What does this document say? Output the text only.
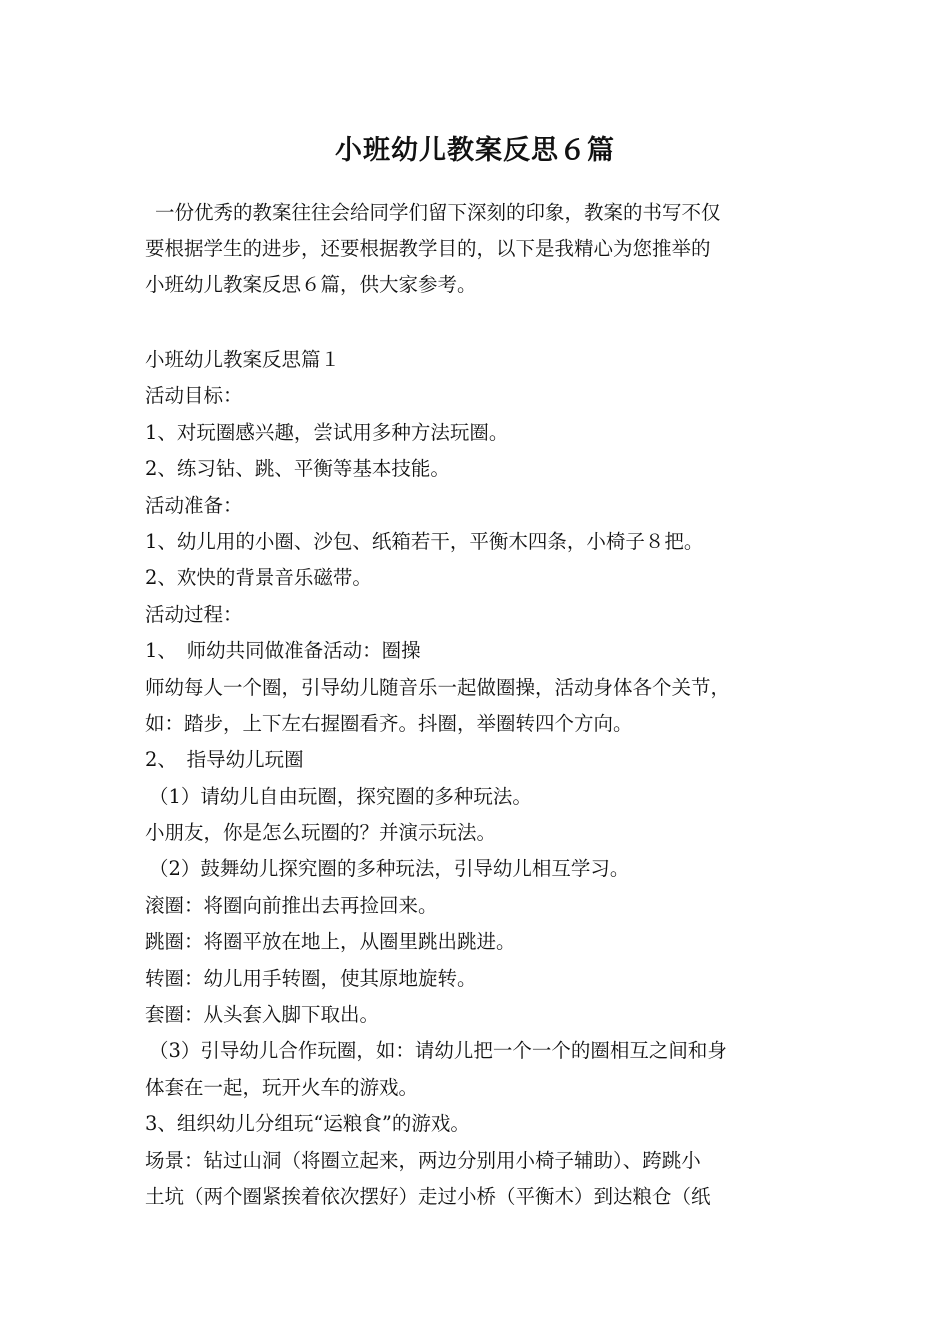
小班幼儿教案反思６篇

一份优秀的教案往往会给同学们留下深刻的印象，教案的书写不仅
要根据学生的进步，还要根据教学目的，以下是我精心为您推举的
小班幼儿教案反思６篇，供大家参考。

小班幼儿教案反思篇１
活动目标：
1、对玩圈感兴趣，尝试用多种方法玩圈。
2、练习钻、跳、平衡等基本技能。
活动准备：
1、幼儿用的小圈、沙包、纸箱若干，平衡木四条，小椅子８把。
2、欢快的背景音乐磁带。
活动过程：
1、　师幼共同做准备活动：圈操
师幼每人一个圈，引导幼儿随音乐一起做圈操，活动身体各个关节，
如：踏步，上下左右握圈看齐。抖圈，举圈转四个方向。
2、　指导幼儿玩圈
（1）请幼儿自由玩圈，探究圈的多种玩法。
小朋友，你是怎么玩圈的？并演示玩法。
（2）鼓舞幼儿探究圈的多种玩法，引导幼儿相互学习。
滚圈：将圈向前推出去再捡回来。
跳圈：将圈平放在地上，从圈里跳出跳进。
转圈：幼儿用手转圈，使其原地旋转。
套圈：从头套入脚下取出。
（3）引导幼儿合作玩圈，如：请幼儿把一个一个的圈相互之间和身
体套在一起，玩开火车的游戏。
3、组织幼儿分组玩“运粮食”的游戏。
场景：钻过山洞（将圈立起来，两边分别用小椅子辅助）、跨跳小
土坑（两个圈紧挨着依次摆好）走过小桥（平衡木）到达粮仓（纸
